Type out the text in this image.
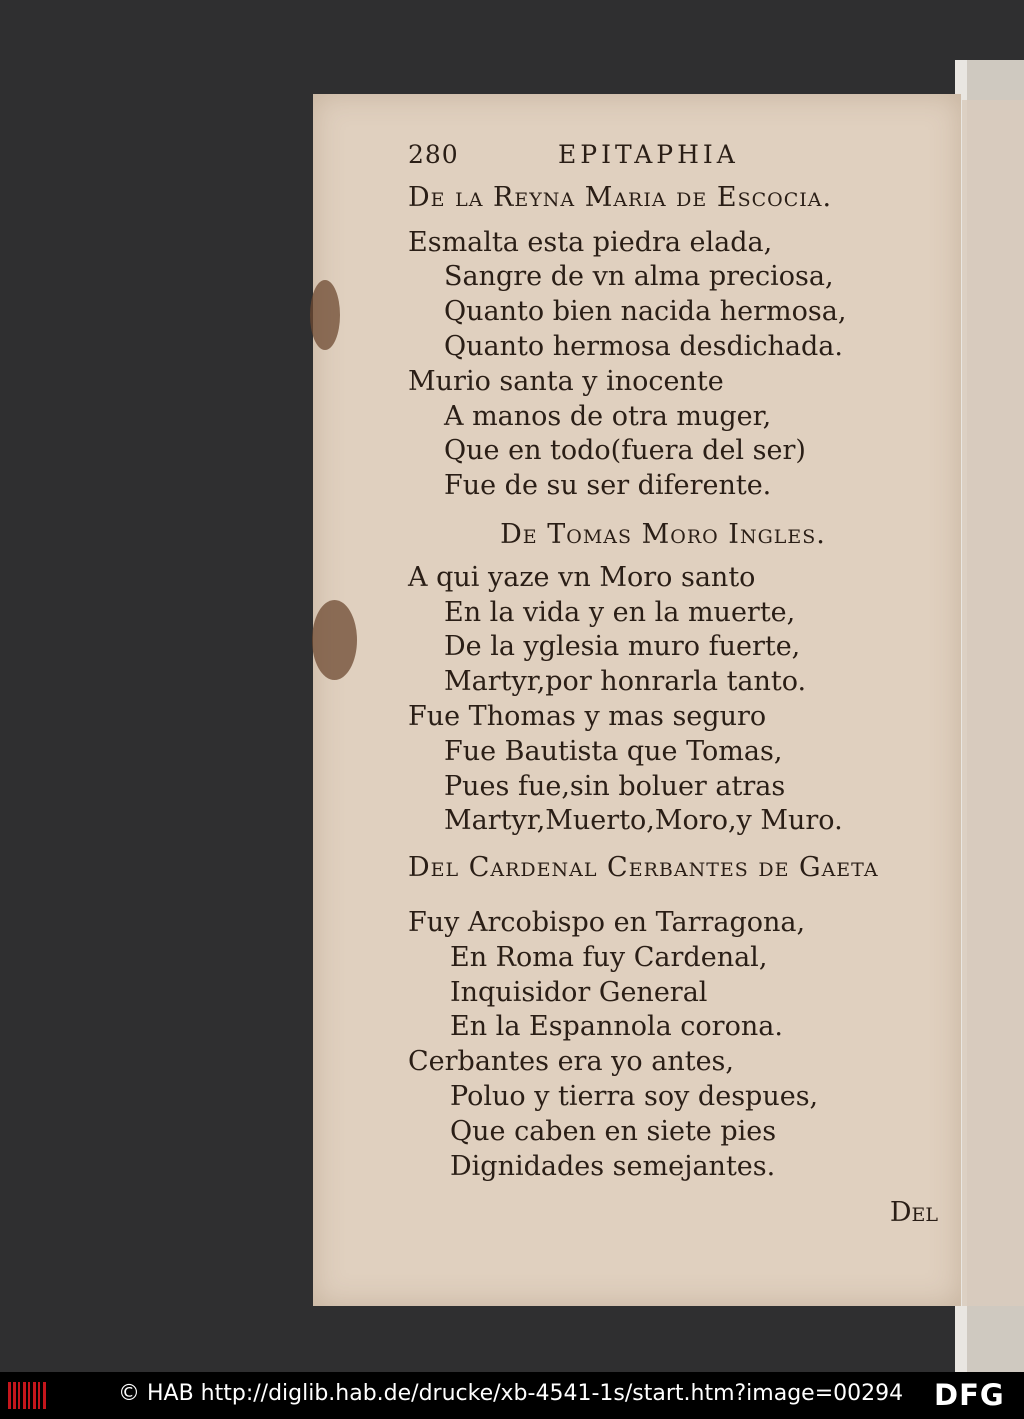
280	EPITAPHIA
De la Reyna Maria de Escocia.
Esmalta esta piedra elada,
Sangre de vn alma preciosa,
Quanto bien nacida hermosa,
Quanto hermosa desdichada.
Murio santa y inocente
A manos de otra muger,
Que en todo(fuera del ser)
Fue de su ser diferente.
De Tomas Moro Ingles.
A qui yaze vn Moro santo
En la vida y en la muerte,
De la yglesia muro fuerte,
Martyr,por honrarla tanto.
Fue Thomas y mas seguro
Fue Bautista que Tomas,
Pues fue,sin boluer atras
Martyr,Muerto,Moro,y Muro.
Del Cardenal Cerbantes de Gaeta
Fuy Arcobispo en Tarragona,
En Roma fuy Cardenal,
Inquisidor General
En la Espannola corona.
Cerbantes era yo antes,
Poluo y tierra soy despues,
Que caben en siete pies
Dignidades semejantes.
Del
© HAB http://diglib.hab.de/drucke/xb-4541-1s/start.htm?image=00294 DFG
